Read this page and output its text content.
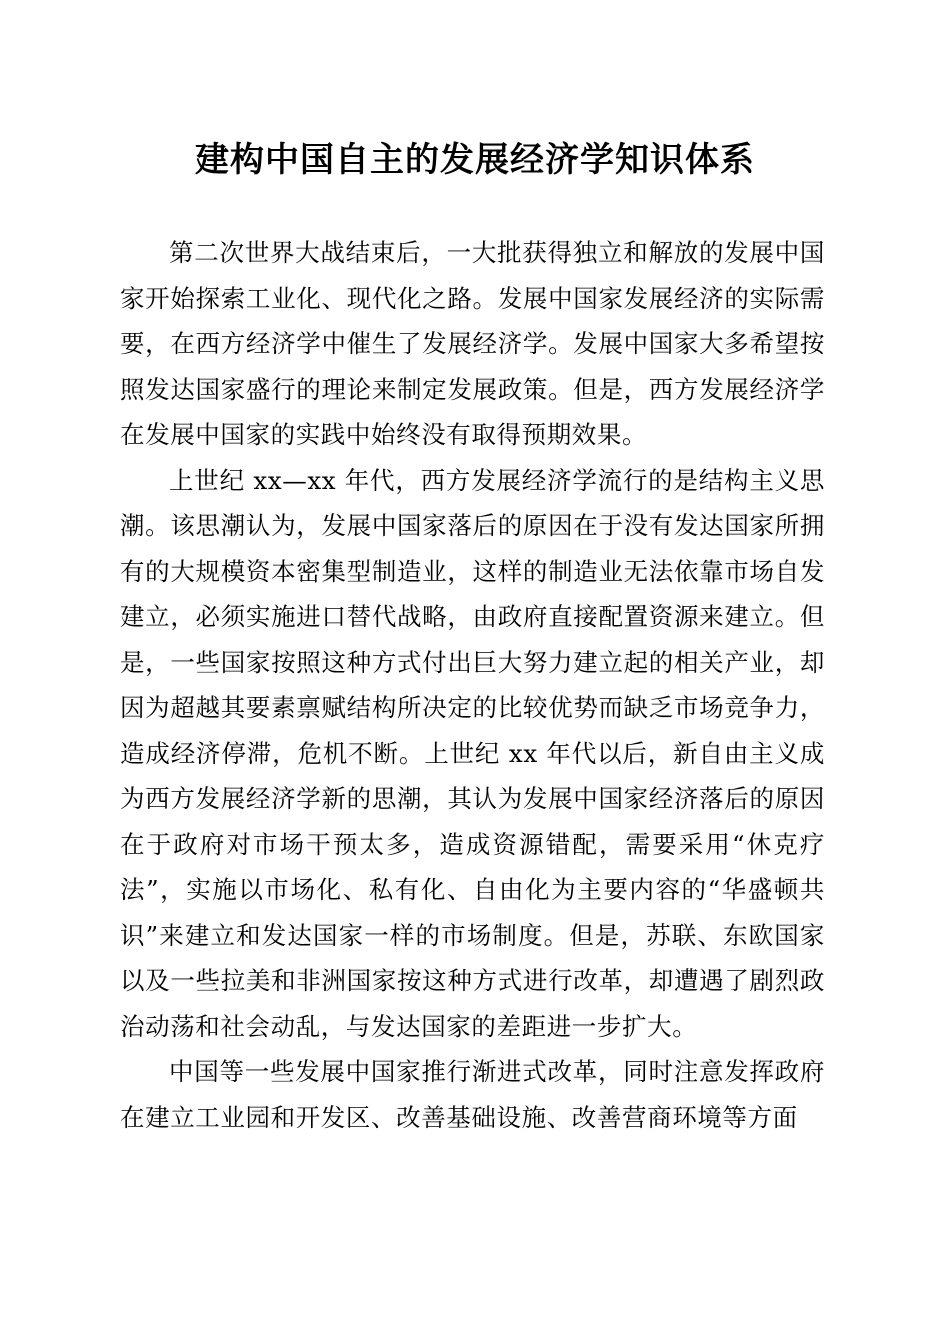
建构中国自主的发展经济学知识体系

第二次世界大战结束后，一大批获得独立和解放的发展中国家开始探索工业化、现代化之路。发展中国家发展经济的实际需要，在西方经济学中催生了发展经济学。发展中国家大多希望按照发达国家盛行的理论来制定发展政策。但是，西方发展经济学在发展中国家的实践中始终没有取得预期效果。

上世纪 xx—xx 年代，西方发展经济学流行的是结构主义思潮。该思潮认为，发展中国家落后的原因在于没有发达国家所拥有的大规模资本密集型制造业，这样的制造业无法依靠市场自发建立，必须实施进口替代战略，由政府直接配置资源来建立。但是，一些国家按照这种方式付出巨大努力建立起的相关产业，却因为超越其要素禀赋结构所决定的比较优势而缺乏市场竞争力，造成经济停滞，危机不断。上世纪 xx 年代以后，新自由主义成为西方发展经济学新的思潮，其认为发展中国家经济落后的原因在于政府对市场干预太多，造成资源错配，需要采用“休克疗法”，实施以市场化、私有化、自由化为主要内容的“华盛顿共识”来建立和发达国家一样的市场制度。但是，苏联、东欧国家以及一些拉美和非洲国家按这种方式进行改革，却遭遇了剧烈政治动荡和社会动乱，与发达国家的差距进一步扩大。

中国等一些发展中国家推行渐进式改革，同时注意发挥政府在建立工业园和开发区、改善基础设施、改善营商环境等方面
